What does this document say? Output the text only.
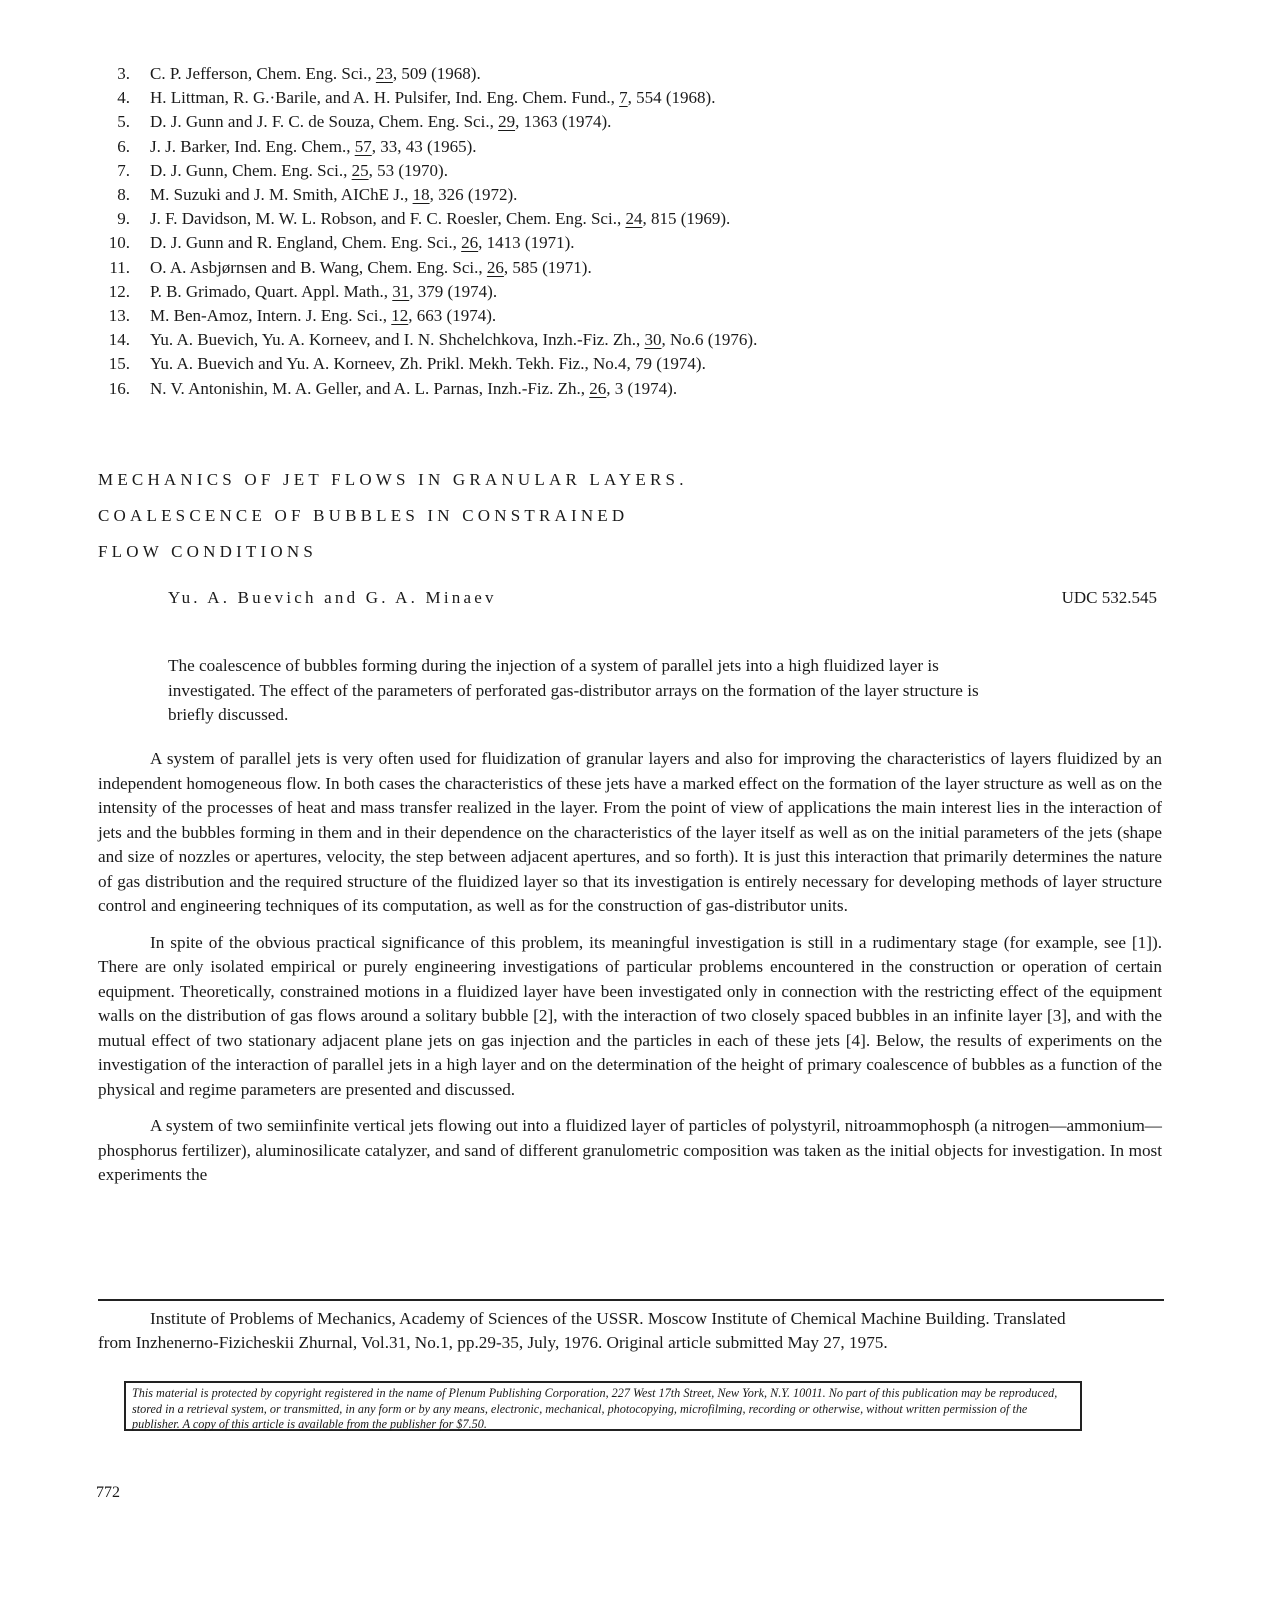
3. C. P. Jefferson, Chem. Eng. Sci., 23, 509 (1968).
4. H. Littman, R. G.·Barile, and A. H. Pulsifer, Ind. Eng. Chem. Fund., 7, 554 (1968).
5. D. J. Gunn and J. F. C. de Souza, Chem. Eng. Sci., 29, 1363 (1974).
6. J. J. Barker, Ind. Eng. Chem., 57, 33, 43 (1965).
7. D. J. Gunn, Chem. Eng. Sci., 25, 53 (1970).
8. M. Suzuki and J. M. Smith, AIChE J., 18, 326 (1972).
9. J. F. Davidson, M. W. L. Robson, and F. C. Roesler, Chem. Eng. Sci., 24, 815 (1969).
10. D. J. Gunn and R. England, Chem. Eng. Sci., 26, 1413 (1971).
11. O. A. Asbjørnsen and B. Wang, Chem. Eng. Sci., 26, 585 (1971).
12. P. B. Grimado, Quart. Appl. Math., 31, 379 (1974).
13. M. Ben-Amoz, Intern. J. Eng. Sci., 12, 663 (1974).
14. Yu. A. Buevich, Yu. A. Korneev, and I. N. Shchelchkova, Inzh.-Fiz. Zh., 30, No.6 (1976).
15. Yu. A. Buevich and Yu. A. Korneev, Zh. Prikl. Mekh. Tekh. Fiz., No.4, 79 (1974).
16. N. V. Antonishin, M. A. Geller, and A. L. Parnas, Inzh.-Fiz. Zh., 26, 3 (1974).
MECHANICS OF JET FLOWS IN GRANULAR LAYERS.
COALESCENCE OF BUBBLES IN CONSTRAINED
FLOW CONDITIONS
Yu. A. Buevich and G. A. Minaev	UDC 532.545

The coalescence of bubbles forming during the injection of a system of parallel jets into a high fluidized layer is investigated. The effect of the parameters of perforated gas-distributor arrays on the formation of the layer structure is briefly discussed.

A system of parallel jets is very often used for fluidization of granular layers and also for improving the characteristics of layers fluidized by an independent homogeneous flow. In both cases the characteristics of these jets have a marked effect on the formation of the layer structure as well as on the intensity of the processes of heat and mass transfer realized in the layer. From the point of view of applications the main interest lies in the interaction of jets and the bubbles forming in them and in their dependence on the characteristics of the layer itself as well as on the initial parameters of the jets (shape and size of nozzles or apertures, velocity, the step between adjacent apertures, and so forth). It is just this interaction that primarily determines the nature of gas distribution and the required structure of the fluidized layer so that its investigation is entirely necessary for developing methods of layer structure control and engineering techniques of its computation, as well as for the construction of gas-distributor units.

In spite of the obvious practical significance of this problem, its meaningful investigation is still in a rudimentary stage (for example, see [1]). There are only isolated empirical or purely engineering investigations of particular problems encountered in the construction or operation of certain equipment. Theoretically, constrained motions in a fluidized layer have been investigated only in connection with the restricting effect of the equipment walls on the distribution of gas flows around a solitary bubble [2], with the interaction of two closely spaced bubbles in an infinite layer [3], and with the mutual effect of two stationary adjacent plane jets on gas injection and the particles in each of these jets [4]. Below, the results of experiments on the investigation of the interaction of parallel jets in a high layer and on the determination of the height of primary coalescence of bubbles as a function of the physical and regime parameters are presented and discussed.

A system of two semiinfinite vertical jets flowing out into a fluidized layer of particles of polystyril, nitroammophosph (a nitrogen—ammonium—phosphorus fertilizer), aluminosilicate catalyzer, and sand of different granulometric composition was taken as the initial objects for investigation. In most experiments the

Institute of Problems of Mechanics, Academy of Sciences of the USSR. Moscow Institute of Chemical Machine Building. Translated from Inzhenerno-Fizicheskii Zhurnal, Vol.31, No.1, pp.29-35, July, 1976. Original article submitted May 27, 1975.

This material is protected by copyright registered in the name of Plenum Publishing Corporation, 227 West 17th Street, New York, N.Y. 10011. No part of this publication may be reproduced, stored in a retrieval system, or transmitted, in any form or by any means, electronic, mechanical, photocopying, microfilming, recording or otherwise, without written permission of the publisher. A copy of this article is available from the publisher for $7.50.
772
